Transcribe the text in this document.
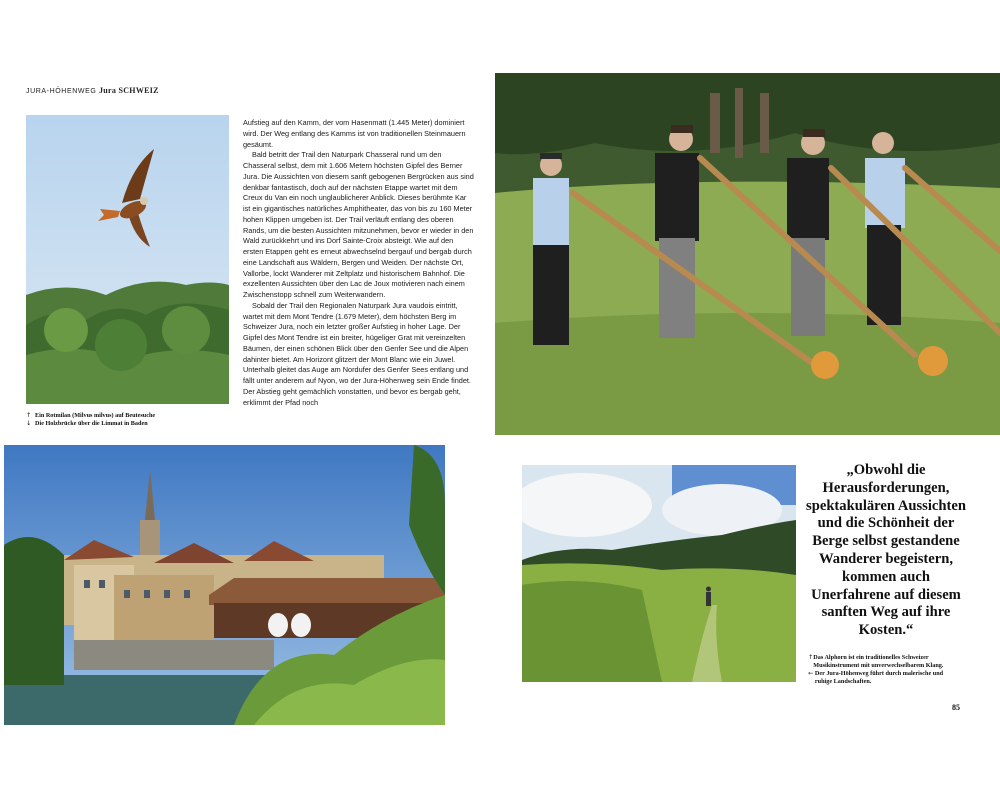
JURA-HÖHENWEG Jura SCHWEIZ

Aufstieg auf den Kamm, der vom Hasenmatt (1.445 Meter) dominiert wird. Der Weg entlang des Kamms ist von traditionellen Steinmauern gesäumt.

Bald betritt der Trail den Naturpark Chasseral rund um den Chasseral selbst, dem mit 1.606 Metern höchsten Gipfel des Berner Jura. Die Aussichten von diesem sanft gebogenen Bergrücken aus sind denkbar fantastisch, doch auf der nächsten Etappe wartet mit dem Creux du Van ein noch unglaublicherer Anblick. Dieses berühmte Kar ist ein gigantisches natürliches Amphitheater, das von bis zu 160 Meter hohen Klippen umgeben ist. Der Trail verläuft entlang des oberen Rands, um die besten Aussichten mitzunehmen, bevor er wieder in den Wald zurückkehrt und ins Dorf Sainte-Croix absteigt. Wie auf den ersten Etappen geht es erneut abwechselnd bergauf und bergab durch eine Landschaft aus Wäldern, Bergen und Weiden. Der nächste Ort, Vallorbe, lockt Wanderer mit Zeltplatz und historischem Bahnhof. Die exzellenten Aussichten über den Lac de Joux motivieren nach einem Zwischenstopp schnell zum Weiterwandern.

Sobald der Trail den Regionalen Naturpark Jura vaudois eintritt, wartet mit dem Mont Tendre (1.679 Meter), dem höchsten Berg im Schweizer Jura, noch ein letzter großer Aufstieg in hoher Lage. Der Gipfel des Mont Tendre ist ein breiter, hügeliger Grat mit vereinzelten Bäumen, der einen schönen Blick über den Genfer See und die Alpen dahinter bietet. Am Horizont glitzert der Mont Blanc wie ein Juwel. Unterhalb gleitet das Auge am Nordufer des Genfer Sees entlang und fällt unter anderem auf Nyon, wo der Jura-Höhenweg sein Ende findet. Der Abstieg geht gemächlich vonstatten, und bevor es bergab geht, erklimmt der Pfad noch

↑ Ein Rotmilan (Milvus milvus) auf Beutesuche
↓ Die Holzbrücke über die Limmat in Baden
„Obwohl die Herausforderungen, spektakulären Aussichten und die Schönheit der Berge selbst gestandene Wanderer begeistern, kommen auch Unerfahrene auf diesem sanften Weg auf ihre Kosten.“
↑ Das Alphorn ist ein traditionelles Schweizer Musikinstrument mit unverwechselbarem Klang.
← Der Jura-Höhenweg führt durch malerische und ruhige Landschaften.
85
